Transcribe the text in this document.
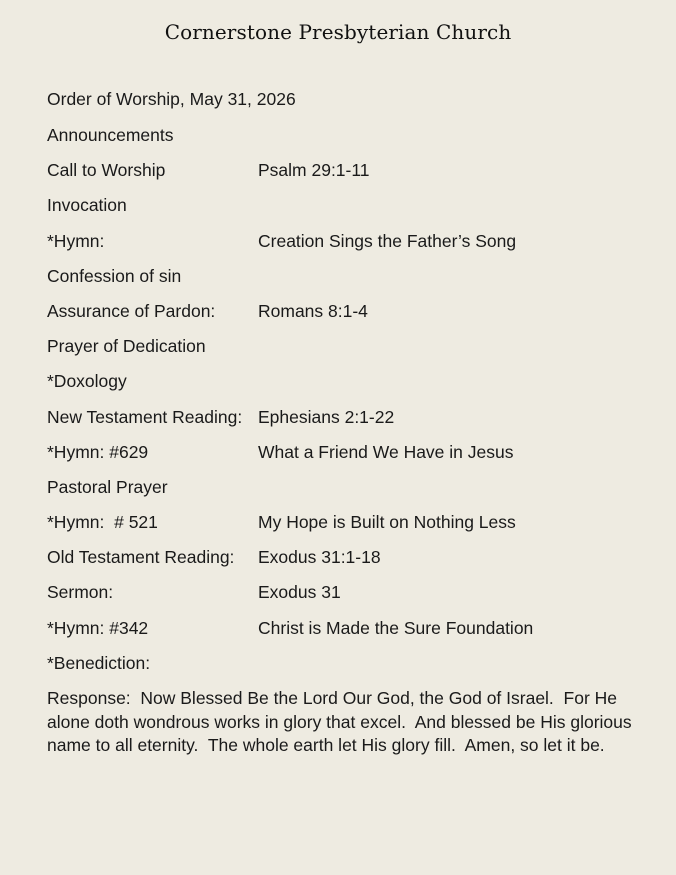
Cornerstone Presbyterian Church
Order of Worship, May 31, 2026
Announcements
Call to Worship	Psalm 29:1-11
Invocation
*Hymn:	Creation Sings the Father’s Song
Confession of sin
Assurance of Pardon:	Romans 8:1-4
Prayer of Dedication
*Doxology
New Testament Reading: Ephesians 2:1-22
*Hymn: #629	What a Friend We Have in Jesus
Pastoral Prayer
*Hymn:  # 521	My Hope is Built on Nothing Less
Old Testament Reading:	Exodus 31:1-18
Sermon:	Exodus 31
*Hymn: #342	Christ is Made the Sure Foundation
*Benediction:
Response:  Now Blessed Be the Lord Our God, the God of Israel.  For He alone doth wondrous works in glory that excel.  And blessed be His glorious name to all eternity.  The whole earth let His glory fill.  Amen, so let it be.
